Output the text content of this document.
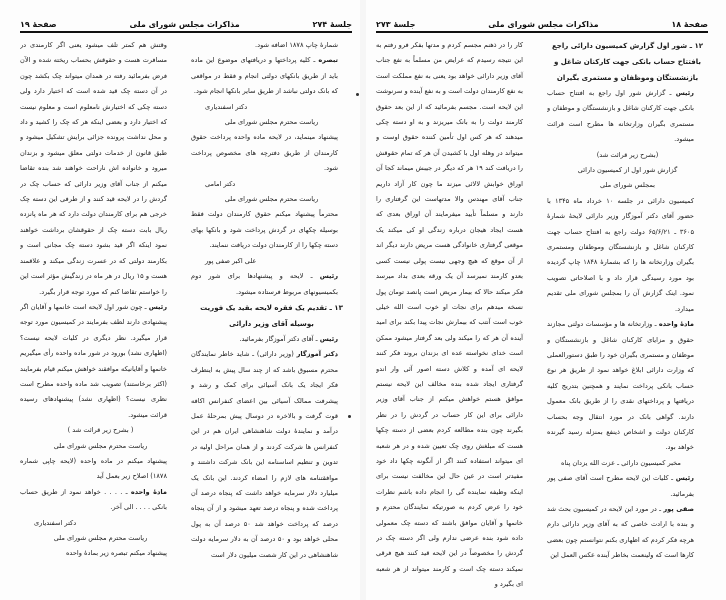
صفحهٔ ۱۹	مذاکرات مجلس شورای ملی	جلسهٔ ۲۷۴

شمارهٔ چاپ ۱۸۷۸ اضافه شود.

تبصره ـ کلیه پرداختها و دریافتهای موضوع این ماده باید از طریق بانکهای دولتی انجام و فقط در مواقعی که بانک دولتی نباشد از طریق سایر بانکها انجام شود.

دکتر اسفندیاری

ریاست محترم مجلس شورای ملی

پیشنهاد مینماید، در لایحه ماده واحده پرداخت حقوق کارمندان از طریق دفترچه های مخصوص پرداخت شود.

دکتر امامی

ریاست محترم مجلس شورای ملی

محترماً پیشنهاد میکنم حقوق کارمندان دولت فقط بوسیله چکهای در گردش پرداخت شود و بانکها بهای دسته چکها را از کارمندان دولت دریافت ننمایند.

علی اکبر صفی پور

رئیس ـ لایحه و پیشنهادها برای شور دوم بکمیسیونهای مربوط فرستاده میشود.

۱۳ ـ تقدیم یک فقره لایحه بقید یک فوریت بوسیله آقای وزیر دارائی

رئیس ـ آقای دکتر آموزگار بفرمائید.

دکتر آموزگار (وزیر دارائی) ـ شاید خاطر نمایندگان محترم مسبوق باشد که از چند سال پیش به اینطرف فکر ایجاد یک بانک آسیائی برای کمک و رشد و پیشرفت ممالک آسیائی بین اعضای کنفرانس اکافه قوت گرفت و بالاخره در دوسال پیش بمرحلهٔ عمل درآمد و نمایندهٔ دولت شاهنشاهی ایران هم در این کنفرانس ها شرکت کردند و از همان مراحل اولیه در تدوین و تنظیم اساسنامه این بانک شرکت داشتند و موافقتنامه های لازم را امضاء کردند. این بانک یک میلیارد دلار سرمایه خواهد داشت که پنجاه درصد آن پرداخت شده و پنجاه درصد تعهد میشود و از آن پنجاه درصد که پرداخت خواهد شد ۵۰ درصد آن به پول محلی خواهد بود و ۵۰ درصد آن به دلار سرمایه دولت شاهنشاهی در این کار شصت میلیون دلار است

وقتش هم کمتر تلف میشود یعنی اگر کارمندی در مسافرت هست و حقوقش بحساب ریخته شده و الآن فرض بفرمائید رفته در همدان میتواند چک بکشد چون در آن دسته چک قید شده است که اختیار دارد ولی دسته چکی که اختیارش نامعلوم است و معلوم نیست که اختیار دارد و بعضی اینکه هر که چک را کشید و داد و محل نداشت پرونده جزائی برایش تشکیل میشود و طبق قانون از خدمات دولتی معلق میشود و بزندان میرود و خانواده اش ناراحت خواهند شد بنده تقاضا میکنم از جناب آقای وزیر دارائی که حساب چک در گردش را در لایحه قید کنند و از طرفی این دسته چک خرجی هم برای کارمندان دولت دارد که هر ماه پانزده ریال بابت دسته چک از حقوقشان برداشت خواهند نمود اینکه اگر قید بشود دسته چک مجانی است و بکارمند دولتی که در عسرت زندگی میکند و علاقمند هست و ۱۵ ریال در هر ماه در زندگیش مؤثر است این را خواستم تقاضا کنم که مورد توجه قرار بگیرد.

رئیس ـ چون شور اول لایحه است خانمها و آقایان اگر پیشنهادی دارند لطف بفرمایند در کمیسیون مورد توجه قرار میگیرد. نظر دیگری در کلیات لایحه نیست؟ (اظهاری نشد) بورود در شور ماده واحده رأی میگیریم خانمها و آقایانیکه موافقند خواهش میکنم قیام بفرمایند (اکثر برخاستند) تصویب شد ماده واحده مطرح است نظری نیست؟ (اظهاری نشد) پیشنهادهای رسیده قرائت میشود.

( بشرح زیر قرائت شد )

ریاست محترم مجلس شورای ملی

پیشنهاد میکنم در ماده واحده (لایحه چاپی شماره ۱۸۷۸) اصلاح زیر بعمل آید

مادهٔ واحده ـ . . . . خواهد نمود از طریق حساب بانکی . . . . الی آخر.

دکتر اسفندیاری

ریاست محترم مجلس شورای ملی

پیشنهاد میکنم تبصره زیر بمادهٔ واحده

جلسهٔ ۲۷۳	مذاکرات مجلس شورای ملی	صفحهٔ ۱۸

۱۲ ـ شور اول گزارش کمیسیون دارائی راجع بافتتاح حساب بانکی جهت کارکنان شاغل و بازنشستگان وموظفان و مستمری بگیران

رئیس ـ گزارش شور اول راجع به افتتاح حساب بانکی جهت کارکنان شاغل و بازنشستگان و موظفان و مستمری بگیران وزارتخانه ها مطرح است قرائت میشود.

(بشرح زیر قرائت شد)

گزارش شور اول از کمیسیون دارائی

بمجلس شورای ملی

کمیسیون دارائی در جلسه ۱۰ خرداد ماه ۱۳۴۵ با حضور آقای دکتر آموزگار وزیر دارائی لایحهٔ شمارهٔ ۳۶۰۵ ـ ۶۵/۶/۲۱ دولت راجع به افتتاح حساب جهت کارکنان شاغل و بازنشستگان وموظفان ومستمری بگیران وزارتخانه ها را که بشمارهٔ ۱۸۴۸ چاپ گردیده بود مورد رسیدگی قرار داد و با اصلاحاتی تصویب نمود. اینک گزارش آن را بمجلس شورای ملی تقدیم میدارد.

مادهٔ واحده ـ وزارتخانه ها و مؤسسات دولتی مجازند حقوق و مزایای کارکنان شاغل و بازنشستگان و موظفان و مستمری بگیران خود را طبق دستورالعملی که وزارت دارائی ابلاغ خواهد نمود از طریق هر نوع حساب بانکی پرداخت نمایند و همچنین بتدریج کلیه دریافتها و پرداختهای نقدی را از طریق بانک معمول دارند. گواهی بانک در مورد انتقال وجه بحساب کارکنان دولت و اشخاص ذینفع بمنزله رسید گیرنده خواهد بود.

مخبر کمیسیون دارائی ـ عزت الله یزدان پناه

رئیس ـ کلیات این لایحه مطرح است آقای صفی پور بفرمائید.

صفی پور ـ در مورد این لایحه در کمیسیون بحث شد و بنده با ارادت خاصی که به آقای وزیر دارائی دارم هرچه فکر کردم که اظهاری بکنم نتوانستم چون بعضی کارها است که ولینعمت بخاطر آینده عکس العمل این

کار را در ذهنم مجسم کردم و مدتها بفکر فرو رفتم به این نتیجه رسیدم که عرایض من مسلماً به نفع جناب آقای وزیر دارائی خواهد بود یعنی به نفع مملکت است به نفع کارمندان دولت است و به نفع آینده و سرنوشت این لایحه است. مجسم بفرمائید که از این بعد حقوق کارمند دولت را به بانک میریزند و به او دسته چکی میدهند که هر کس اول تأمین کننده حقوق اوست و میتواند در وهله اول با کشیدن آن هر که تمام حقوقش را دریافت کند ۱۹ هر که دیگر در جیبش میماند کجا آن اوراق خوابش لالائی میزند ما چون کار آزاد داریم جناب آقای مهندس والا مدتهاست این گرفتاری را دارند و مسلماً تأیید میفرمایند آن اوراق بعدی که هست ایجاد هیجان درباره زندگی او کی میکند یک موقعی گرفتاری خانوادگی هست مریض دارند دیگر اند از آن موقع که هیچ وجهی نیست پولی نیست کسی بعدو کارمند نمیرسد آن یک ورقه بعدی بداد میرسد فکر میکند حالا که بیمار مریض است پانصد تومان پول نسخه میدهم برای نجات او خوب است الله خیلی خوب است آنتب که بیمارش نجات پیدا بکند برای امید آینده آن هر که را میکند ولی بعد گرفتار میشود ممکن است خدای نخواسته عده ای بزندان بروند فکر کنند لایحه ای آمده و کلاش دسته اصور آئی وار اندو گرفتاری ایجاد شده بنده مخالف این لایحه نیستم موافق هستم خواهش میکنم از جناب آقای وزیر دارائی برای این کار حساب در گردش را در نظر بگیرند چون بنده مطالعه کردم بعضی از دسته چکها هست که مبلغش روی چک تعیین شده و در هر شعبه ای میتواند استفاده کنند اگر از آنگونه چکها داد خود مفیدتر است در عین حال این مخالفت نیست برای اینکه وظیفه نماینده گی را انجام داده باشم نظرات خود را عرض کردم به صورتیکه نمایندگان محترم و خانمها و آقایان موافق باشند که دسته چک معمولی داده شود بنده عرضی ندارم ولی اگر دسته چک در گردش را مخصوصاً در این لایحه قید کنند هیچ فرقی نمیکند دسته چک است و کارمند میتواند از هر شعبه ای بگیرد و
